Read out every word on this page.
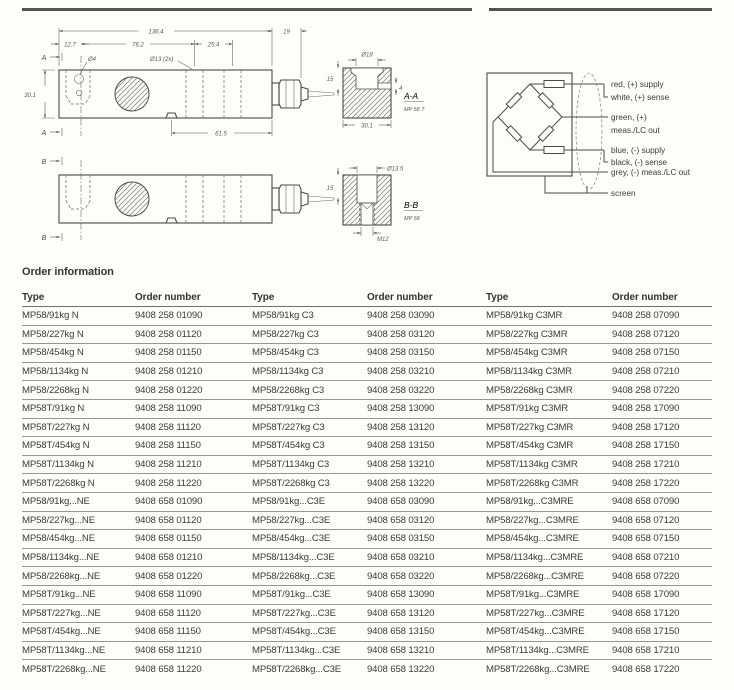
A
A
136.4	19
12.7	76.2	25.4
Ø4	Ø13 (2x)
30.1
61.5
B
B
Ø18
15
4
30.1
A-A
MP 58 T
Ø13.5
15
M12
B-B
MP 58
red, (+) supply
white, (+) sense
green, (+)
meas./LC out
blue, (-) supply
black, (-) sense
grey, (-) meas./LC out
screen
Order information
Type	Order number	Type	Order number	Type	Order number
MP58/91kg N	9408 258 01090	MP58/91kg C3	9408 258 03090	MP58/91kg C3MR	9408 258 07090
MP58/227kg N	9408 258 01120	MP58/227kg C3	9408 258 03120	MP58/227kg C3MR	9408 258 07120
MP58/454kg N	9408 258 01150	MP58/454kg C3	9408 258 03150	MP58/454kg C3MR	9408 258 07150
MP58/1134kg N	9408 258 01210	MP58/1134kg C3	9408 258 03210	MP58/1134kg C3MR	9408 258 07210
MP58/2268kg N	9408 258 01220	MP58/2268kg C3	9408 258 03220	MP58/2268kg C3MR	9408 258 07220
MP58T/91kg N	9408 258 11090	MP58T/91kg C3	9408 258 13090	MP58T/91kg C3MR	9408 258 17090
MP58T/227kg N	9408 258 11120	MP58T/227kg C3	9408 258 13120	MP58T/227kg C3MR	9408 258 17120
MP58T/454kg N	9408 258 11150	MP58T/454kg C3	9408 258 13150	MP58T/454kg C3MR	9408 258 17150
MP58T/1134kg N	9408 258 11210	MP58T/1134kg C3	9408 258 13210	MP58T/1134kg C3MR	9408 258 17210
MP58T/2268kg N	9408 258 11220	MP58T/2268kg C3	9408 258 13220	MP58T/2268kg C3MR	9408 258 17220
MP58/91kg...NE	9408 658 01090	MP58/91kg...C3E	9408 658 03090	MP58/91kg...C3MRE	9408 658 07090
MP58/227kg...NE	9408 658 01120	MP58/227kg...C3E	9408 658 03120	MP58/227kg...C3MRE	9408 658 07120
MP58/454kg...NE	9408 658 01150	MP58/454kg...C3E	9408 658 03150	MP58/454kg...C3MRE	9408 658 07150
MP58/1134kg...NE	9408 658 01210	MP58/1134kg...C3E	9408 658 03210	MP58/1134kg...C3MRE	9408 658 07210
MP58/2268kg...NE	9408 658 01220	MP58/2268kg...C3E	9408 658 03220	MP58/2268kg...C3MRE	9408 658 07220
MP58T/91kg...NE	9408 658 11090	MP58T/91kg...C3E	9408 658 13090	MP58T/91kg...C3MRE	9408 658 17090
MP58T/227kg...NE	9408 658 11120	MP58T/227kg...C3E	9408 658 13120	MP58T/227kg...C3MRE	9408 658 17120
MP58T/454kg...NE	9408 658 11150	MP58T/454kg...C3E	9408 658 13150	MP58T/454kg...C3MRE	9408 658 17150
MP58T/1134kg...NE	9408 658 11210	MP58T/1134kg...C3E	9408 658 13210	MP58T/1134kg...C3MRE	9408 658 17210
MP58T/2268kg...NE	9408 658 11220	MP58T/2268kg...C3E	9408 658 13220	MP58T/2268kg...C3MRE	9408 658 17220
